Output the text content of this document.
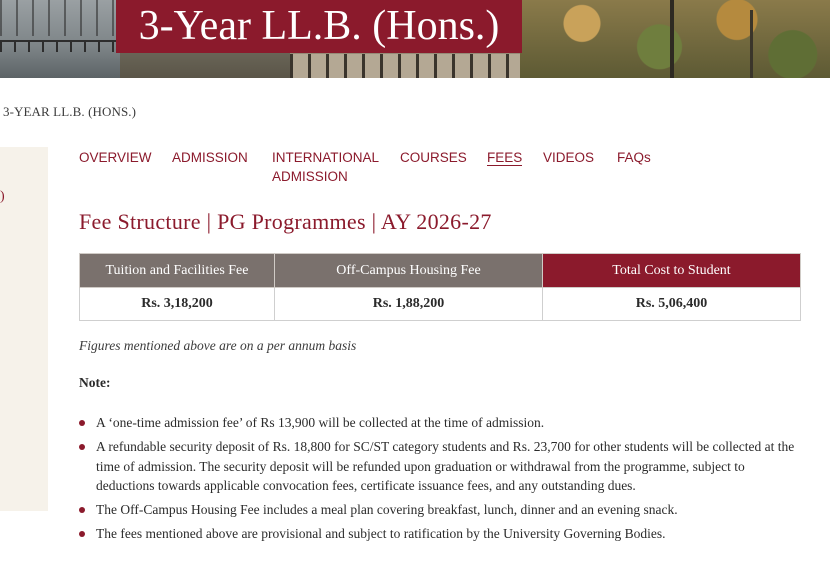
3-Year LL.B. (Hons.)
3-YEAR LL.B. (HONS.)
)
OVERVIEW ADMISSION INTERNATIONAL
ADMISSION
COURSES FEES VIDEOS FAQs
Fee Structure | PG Programmes | AY 2026-27
Tuition and Facilities Fee	Off-Campus Housing Fee	Total Cost to Student
Rs. 3,18,200	Rs. 1,88,200	Rs. 5,06,400
Figures mentioned above are on a per annum basis
Note:
A ‘one-time admission fee’ of Rs 13,900 will be collected at the time of admission.
A refundable security deposit of Rs. 18,800 for SC/ST category students and Rs. 23,700 for other students will be collected at the time of admission. The security deposit will be refunded upon graduation or withdrawal from the programme, subject to deductions towards applicable convocation fees, certificate issuance fees, and any outstanding dues.
The Off-Campus Housing Fee includes a meal plan covering breakfast, lunch, dinner and an evening snack.
The fees mentioned above are provisional and subject to ratification by the University Governing Bodies.
